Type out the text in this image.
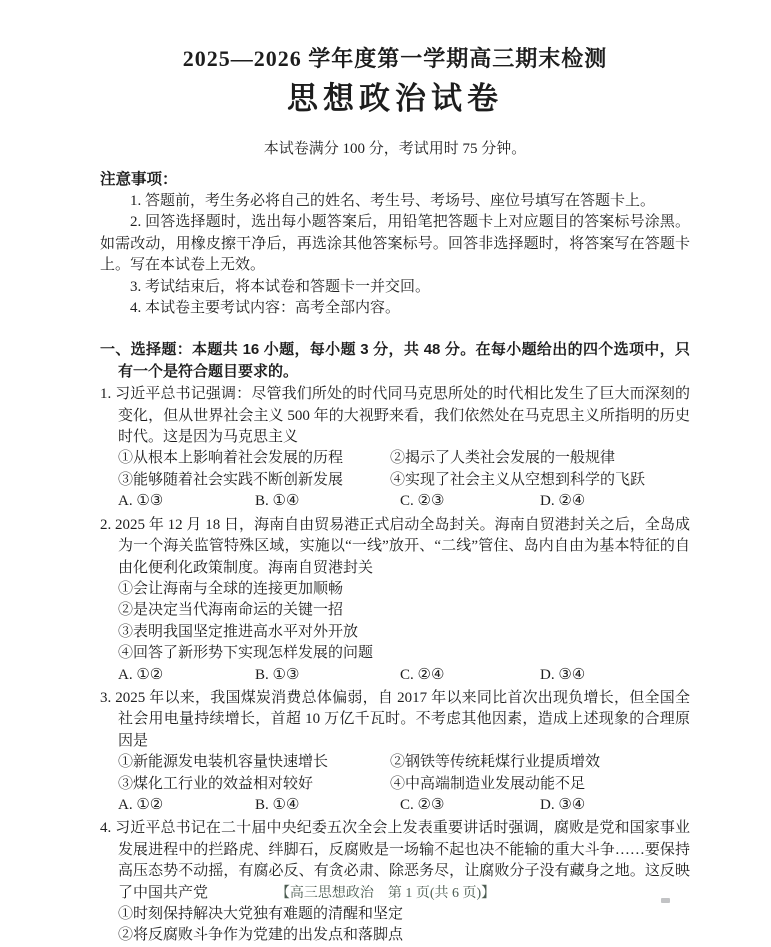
2025—2026 学年度第一学期高三期末检测
思想政治试卷
本试卷满分 100 分，考试用时 75 分钟。
注意事项：

1. 答题前，考生务必将自己的姓名、考生号、考场号、座位号填写在答题卡上。

2. 回答选择题时，选出每小题答案后，用铅笔把答题卡上对应题目的答案标号涂黑。如需改动，用橡皮擦干净后，再选涂其他答案标号。回答非选择题时，将答案写在答题卡上。写在本试卷上无效。

3. 考试结束后，将本试卷和答题卡一并交回。

4. 本试卷主要考试内容：高考全部内容。

一、选择题：本题共 16 小题，每小题 3 分，共 48 分。在每小题给出的四个选项中，只有一个是符合题目要求的。

1. 习近平总书记强调：尽管我们所处的时代同马克思所处的时代相比发生了巨大而深刻的变化，但从世界社会主义 500 年的大视野来看，我们依然处在马克思主义所指明的历史时代。这是因为马克思主义

①从根本上影响着社会发展的历程	②揭示了人类社会发展的一般规律
③能够随着社会实践不断创新发展	④实现了社会主义从空想到科学的飞跃
A. ①③	B. ①④	C. ②③	D. ②④

2. 2025 年 12 月 18 日，海南自由贸易港正式启动全岛封关。海南自贸港封关之后，全岛成为一个海关监管特殊区域，实施以“一线”放开、“二线”管住、岛内自由为基本特征的自由化便利化政策制度。海南自贸港封关

①会让海南与全球的连接更加顺畅
②是决定当代海南命运的关键一招
③表明我国坚定推进高水平对外开放
④回答了新形势下实现怎样发展的问题
A. ①②	B. ①③	C. ②④	D. ③④

3. 2025 年以来，我国煤炭消费总体偏弱，自 2017 年以来同比首次出现负增长，但全国全社会用电量持续增长，首超 10 万亿千瓦时。不考虑其他因素，造成上述现象的合理原因是

①新能源发电装机容量快速增长	②钢铁等传统耗煤行业提质增效
③煤化工行业的效益相对较好	④中高端制造业发展动能不足
A. ①②	B. ①④	C. ②③	D. ③④

4. 习近平总书记在二十届中央纪委五次全会上发表重要讲话时强调，腐败是党和国家事业发展进程中的拦路虎、绊脚石，反腐败是一场输不起也决不能输的重大斗争……要保持高压态势不动摇，有腐必反、有贪必肃、除恶务尽，让腐败分子没有藏身之地。这反映了中国共产党

①时刻保持解决大党独有难题的清醒和坚定
②将反腐败斗争作为党建的出发点和落脚点
【高三思想政治　第 1 页(共 6 页)】
